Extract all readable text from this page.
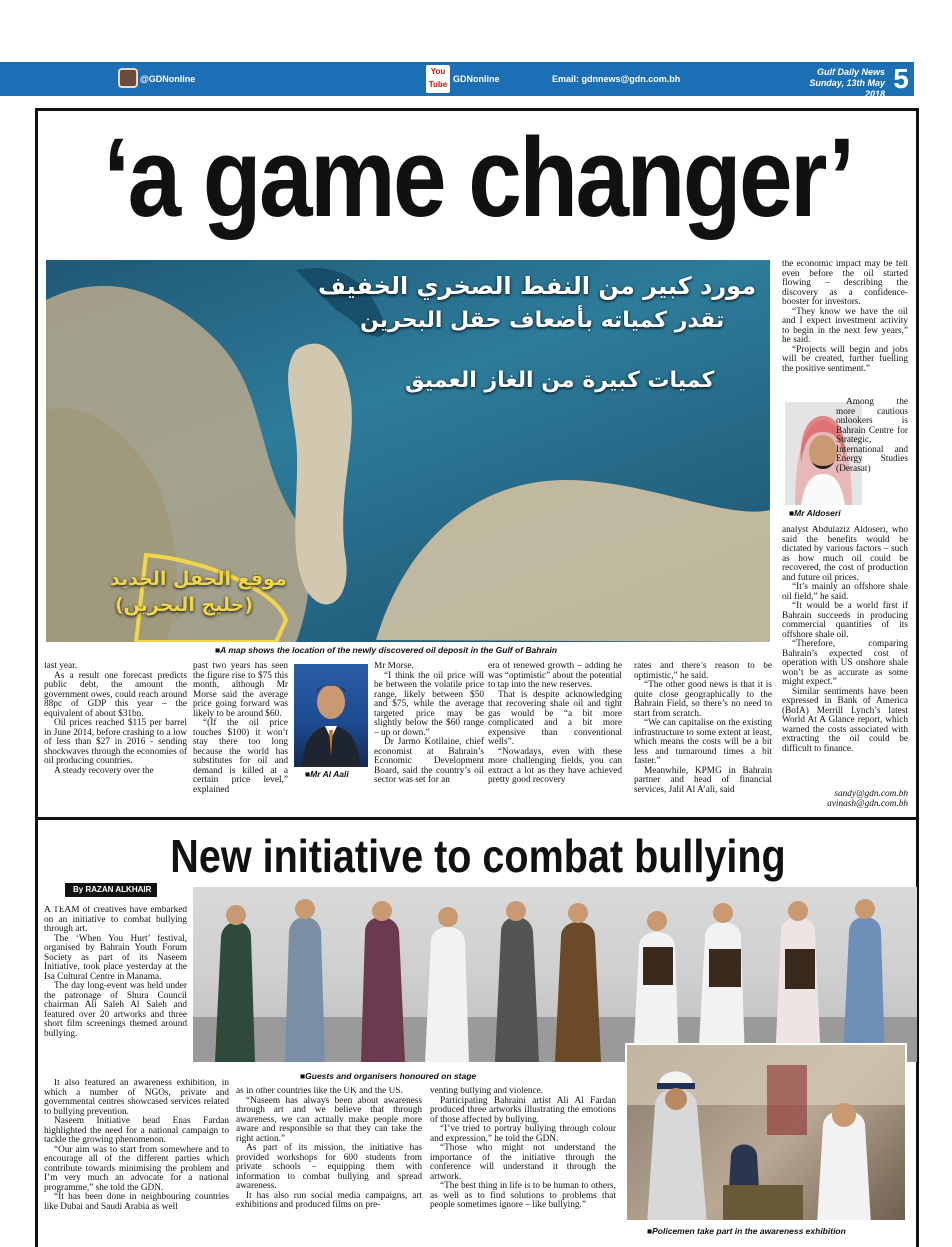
@GDNonline
You Tube
GDNonline	Email: gdnnews@gdn.com.bh
Gulf Daily News
Sunday, 13th May 2018 5
‘a game changer’
مورد كبير من النفط الصخري الخفيف
تقدر كمياته بأضعاف حقل البحرين
كميات كبيرة من الغاز العميق
موقع الحقل الجديد
(خليج البحرين)
■ A map shows the location of the newly discovered oil deposit in the Gulf of Bahrain

last year.

As a result one forecast predicts public debt, the amount the government owes, could reach around 88pc of GDP this year – the equivalent of about $31bn.

Oil prices reached $115 per barrel in June 2014, before crashing to a low of less than $27 in 2016 - sending shockwaves through the economies of oil producing countries.

A steady recovery over the

past two years has seen the figure rise to $75 this month, although Mr Morse said the average price going forward was likely to be around $60.

“(If the oil price touches $100) it won’t stay there too long because the world has substitutes for oil and demand is killed at a certain price level,” explained

■ Mr Al Aali

Mr Morse.

“I think the oil price will be between the volatile price range, likely between $50 and $75, while the average targeted price may be slightly below the $60 range – up or down.”

Dr Jarmo Kotilaine, chief economist at Bahrain’s Economic Development Board, said the country’s oil sector was set for an

era of renewed growth – adding he was “optimistic” about the potential to tap into the new reserves.

That is despite acknowledging that recovering shale oil and tight gas would be “a bit more complicated and a bit more expensive than conventional wells”.

“Nowadays, even with these more challenging fields, you can extract a lot as they have achieved pretty good recovery

rates and there’s reason to be optimistic,” he said.

“The other good news is that it is quite close geographically to the Bahrain Field, so there’s no need to start from scratch.

“We can capitalise on the existing infrastructure to some extent at least, which means the costs will be a bit less and turnaround times a bit faster.”

Meanwhile, KPMG in Bahrain partner and head of financial services, Jalil Al A’ali, said

the economic impact may be felt even before the oil started flowing – describing the discovery as a confidence-booster for investors.

“They know we have the oil and I expect investment activity to begin in the next few years,” he said.

“Projects will begin and jobs will be created, further fuelling the positive sentiment.”

Among the more cautious onlookers is Bahrain Centre for Strategic, International and Energy Studies (Derasat)

■ Mr Aldoseri

analyst Abdulaziz Aldoseri, who said the benefits would be dictated by various factors – such as how much oil could be recovered, the cost of production and future oil prices.

“It’s mainly an offshore shale oil field,” he said.

“It would be a world first if Bahrain succeeds in producing commercial quantities of its offshore shale oil.

“Therefore, comparing Bahrain’s expected cost of operation with US onshore shale won’t be as accurate as some might expect.”

Similar sentiments have been expressed in Bank of America (BofA) Merrill Lynch’s latest World At A Glance report, which warned the costs associated with extracting the oil could be difficult to finance.

sandy@gdn.com.bh
avinash@gdn.com.bh
New initiative to combat bullying
By RAZAN ALKHAIR

A TEAM of creatives have embarked on an initiative to combat bullying through art.

The ‘When You Hurt’ festival, organised by Bahrain Youth Forum Society as part of its Naseem Initiative, took place yesterday at the Isa Cultural Centre in Manama.

The day long-event was held under the patronage of Shura Council chairman Ali Saleh Al Saleh and featured over 20 artworks and three short film screenings themed around bullying.

■ Guests and organisers honoured on stage

It also featured an awareness exhibition, in which a number of NGOs, private and governmental centres showcased services related to bullying prevention.

Naseem Initiative head Enas Fardan highlighted the need for a national campaign to tackle the growing phenomenon.

“Our aim was to start from somewhere and to encourage all of the different parties which contribute towards minimising the problem and I’m very much an advocate for a national programme,” she told the GDN.

“It has been done in neighbouring countries like Dubai and Saudi Arabia as well

as in other countries like the UK and the US.

“Naseem has always been about awareness through art and we believe that through awareness, we can actually make people more aware and responsible so that they can take the right action.”

As part of its mission, the initiative has provided workshops for 600 students from private schools – equipping them with information to combat bullying and spread awareness.

It has also run social media campaigns, art exhibitions and produced films on pre-

venting bullying and violence.

Participating Bahraini artist Ali Al Fardan produced three artworks illustrating the emotions of those affected by bullying.

“I’ve tried to portray bullying through colour and expression,” he told the GDN.

“Those who might not understand the importance of the initiative through the conference will understand it through the artwork.

“The best thing in life is to be human to others, as well as to find solutions to problems that people sometimes ignore – like bullying.”

■ Policemen take part in the awareness exhibition
